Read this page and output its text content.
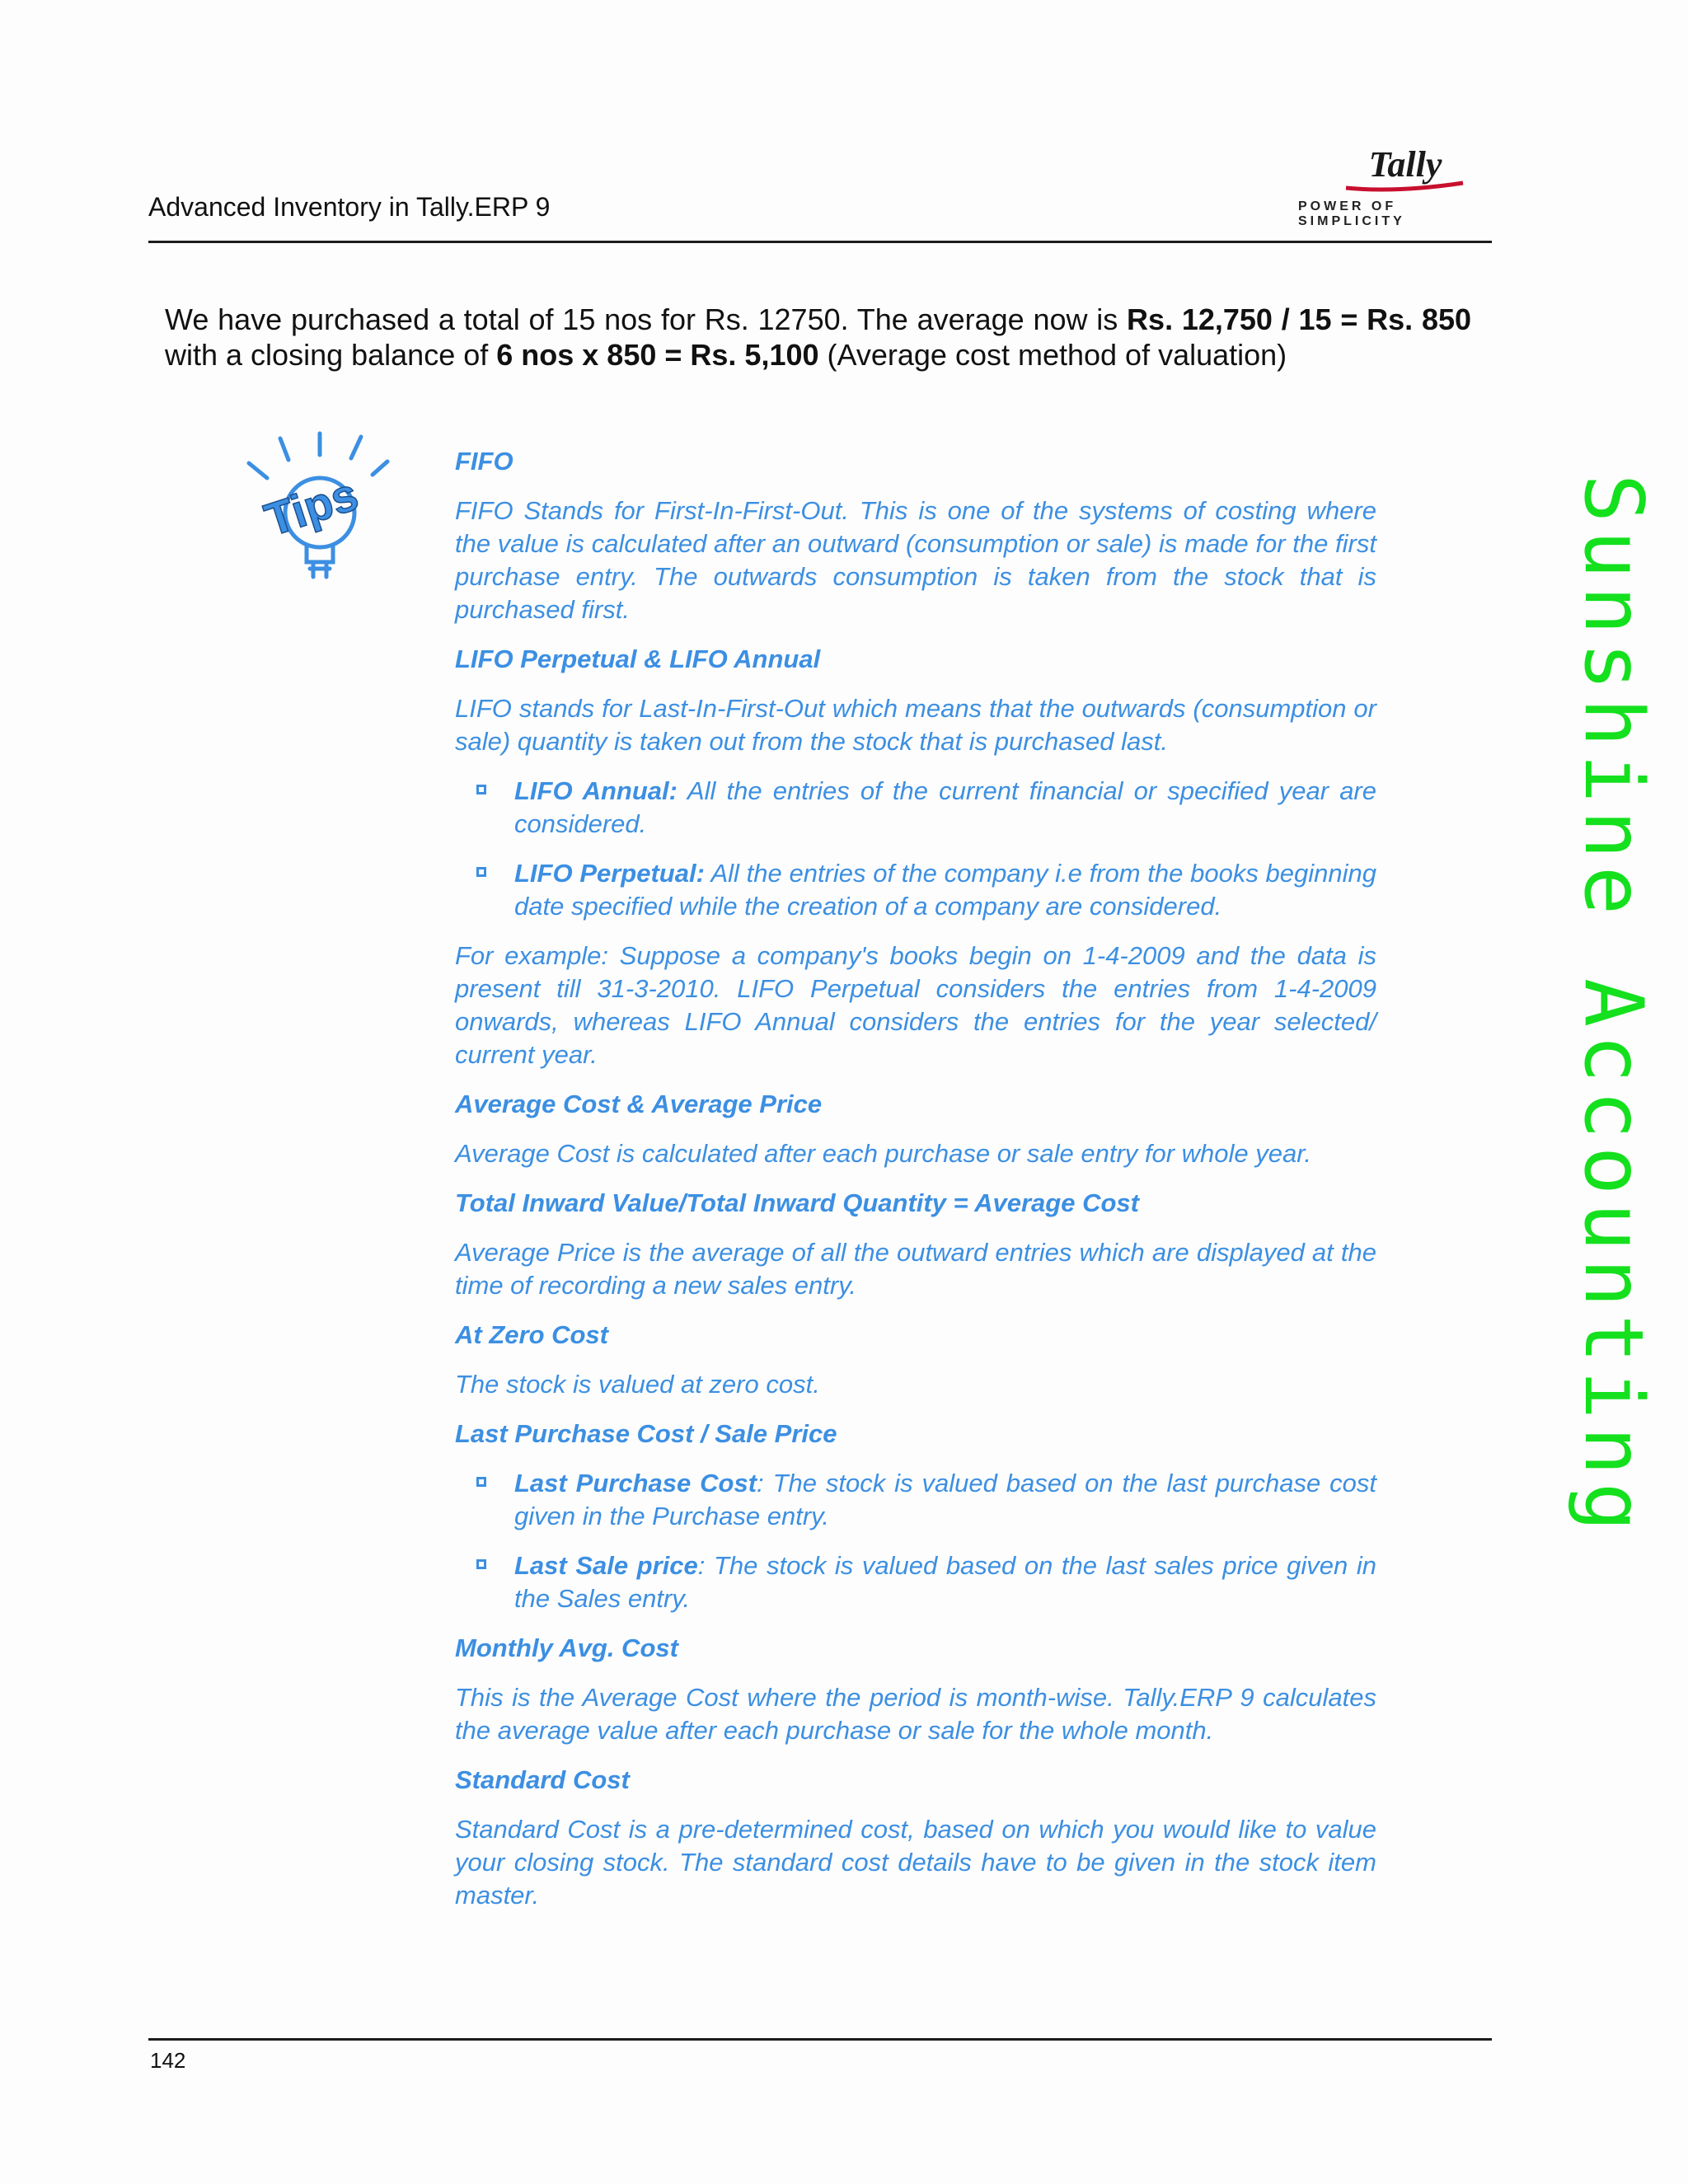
Advanced Inventory in Tally.ERP 9
Tally
POWER OF SIMPLICITY
We have purchased a total of 15 nos for Rs. 12750. The average now is Rs. 12,750 / 15 = Rs. 850 with a closing balance of 6 nos x 850 = Rs. 5,100 (Average cost method of valuation)
Tips
FIFO
FIFO Stands for First-In-First-Out. This is one of the systems of costing where the value is calculated after an outward (consumption or sale) is made for the first purchase entry. The outwards consumption is taken from the stock that is purchased first.
LIFO Perpetual & LIFO Annual
LIFO stands for Last-In-First-Out which means that the outwards (consumption or sale) quantity is taken out from the stock that is purchased last.
LIFO Annual: All the entries of the current financial or specified year are considered.
LIFO Perpetual: All the entries of the company i.e from the books beginning date specified while the creation of a company are considered.
For example: Suppose a company's books begin on 1-4-2009 and the data is present till 31-3-2010. LIFO Perpetual considers the entries from 1-4-2009 onwards, whereas LIFO Annual considers the entries for the year selected/ current year.
Average Cost & Average Price
Average Cost is calculated after each purchase or sale entry for whole year.
Total Inward Value/Total Inward Quantity = Average Cost
Average Price is the average of all the outward entries which are displayed at the time of recording a new sales entry.
At Zero Cost
The stock is valued at zero cost.
Last Purchase Cost / Sale Price
Last Purchase Cost: The stock is valued based on the last purchase cost given in the Purchase entry.
Last Sale price: The stock is valued based on the last sales price given in the Sales entry.
Monthly Avg. Cost
This is the Average Cost where the period is month-wise. Tally.ERP 9 calculates the average value after each purchase or sale for the whole month.
Standard Cost
Standard Cost is a pre-determined cost, based on which you would like to value your closing stock. The standard cost details have to be given in the stock item master.
Sunshine Accounting
142
